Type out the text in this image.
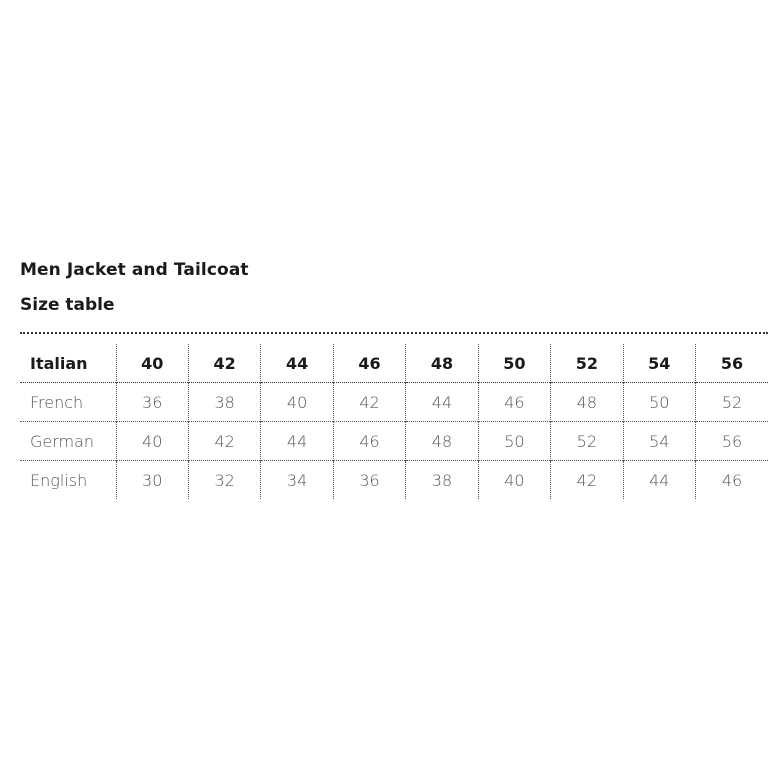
Men Jacket and Tailcoat
Size table
Italian	40	42	44	46	48	50	52	54	56
French	36	38	40	42	44	46	48	50	52
German	40	42	44	46	48	50	52	54	56
English	30	32	34	36	38	40	42	44	46
